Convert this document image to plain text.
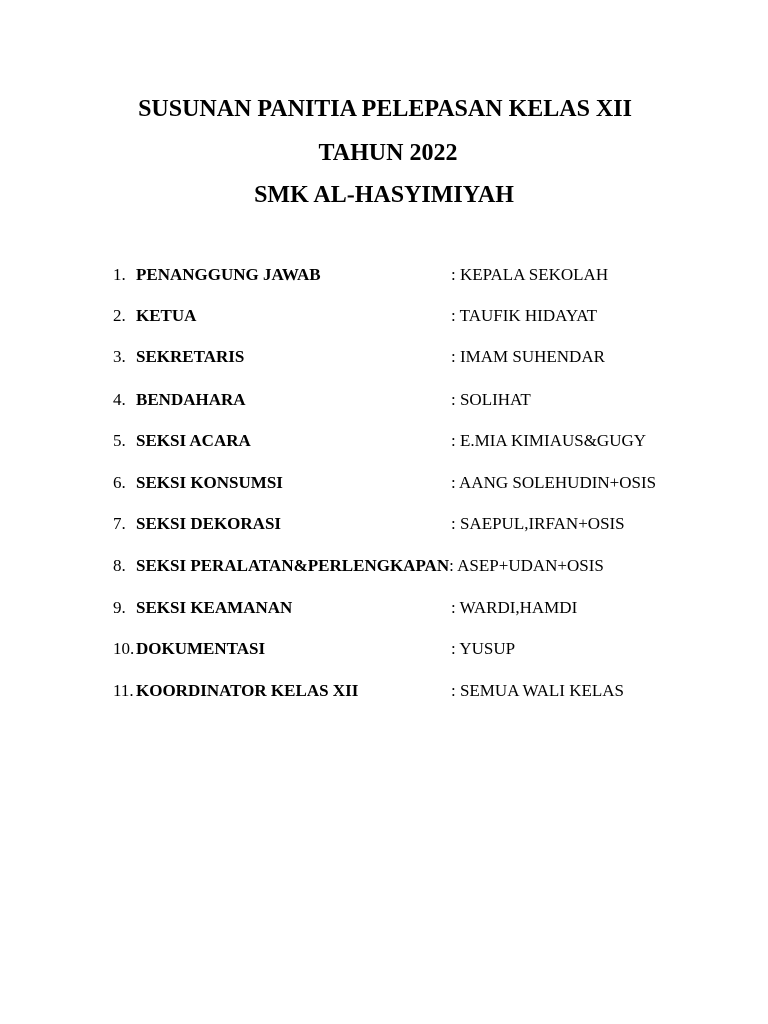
SUSUNAN PANITIA PELEPASAN KELAS XII
TAHUN 2022
SMK AL-HASYIMIYAH
1. PENANGGUNG JAWAB	: KEPALA SEKOLAH
2. KETUA	: TAUFIK HIDAYAT
3. SEKRETARIS	: IMAM SUHENDAR
4. BENDAHARA	: SOLIHAT
5. SEKSI ACARA	: E.MIA KIMIAUS&GUGY
6. SEKSI KONSUMSI	: AANG SOLEHUDIN+OSIS
7. SEKSI DEKORASI	: SAEPUL,IRFAN+OSIS
8. SEKSI PERALATAN&PERLENGKAPAN: ASEP+UDAN+OSIS
9. SEKSI KEAMANAN	: WARDI,HAMDI
10. DOKUMENTASI	: YUSUP
11. KOORDINATOR KELAS XII	: SEMUA WALI KELAS
